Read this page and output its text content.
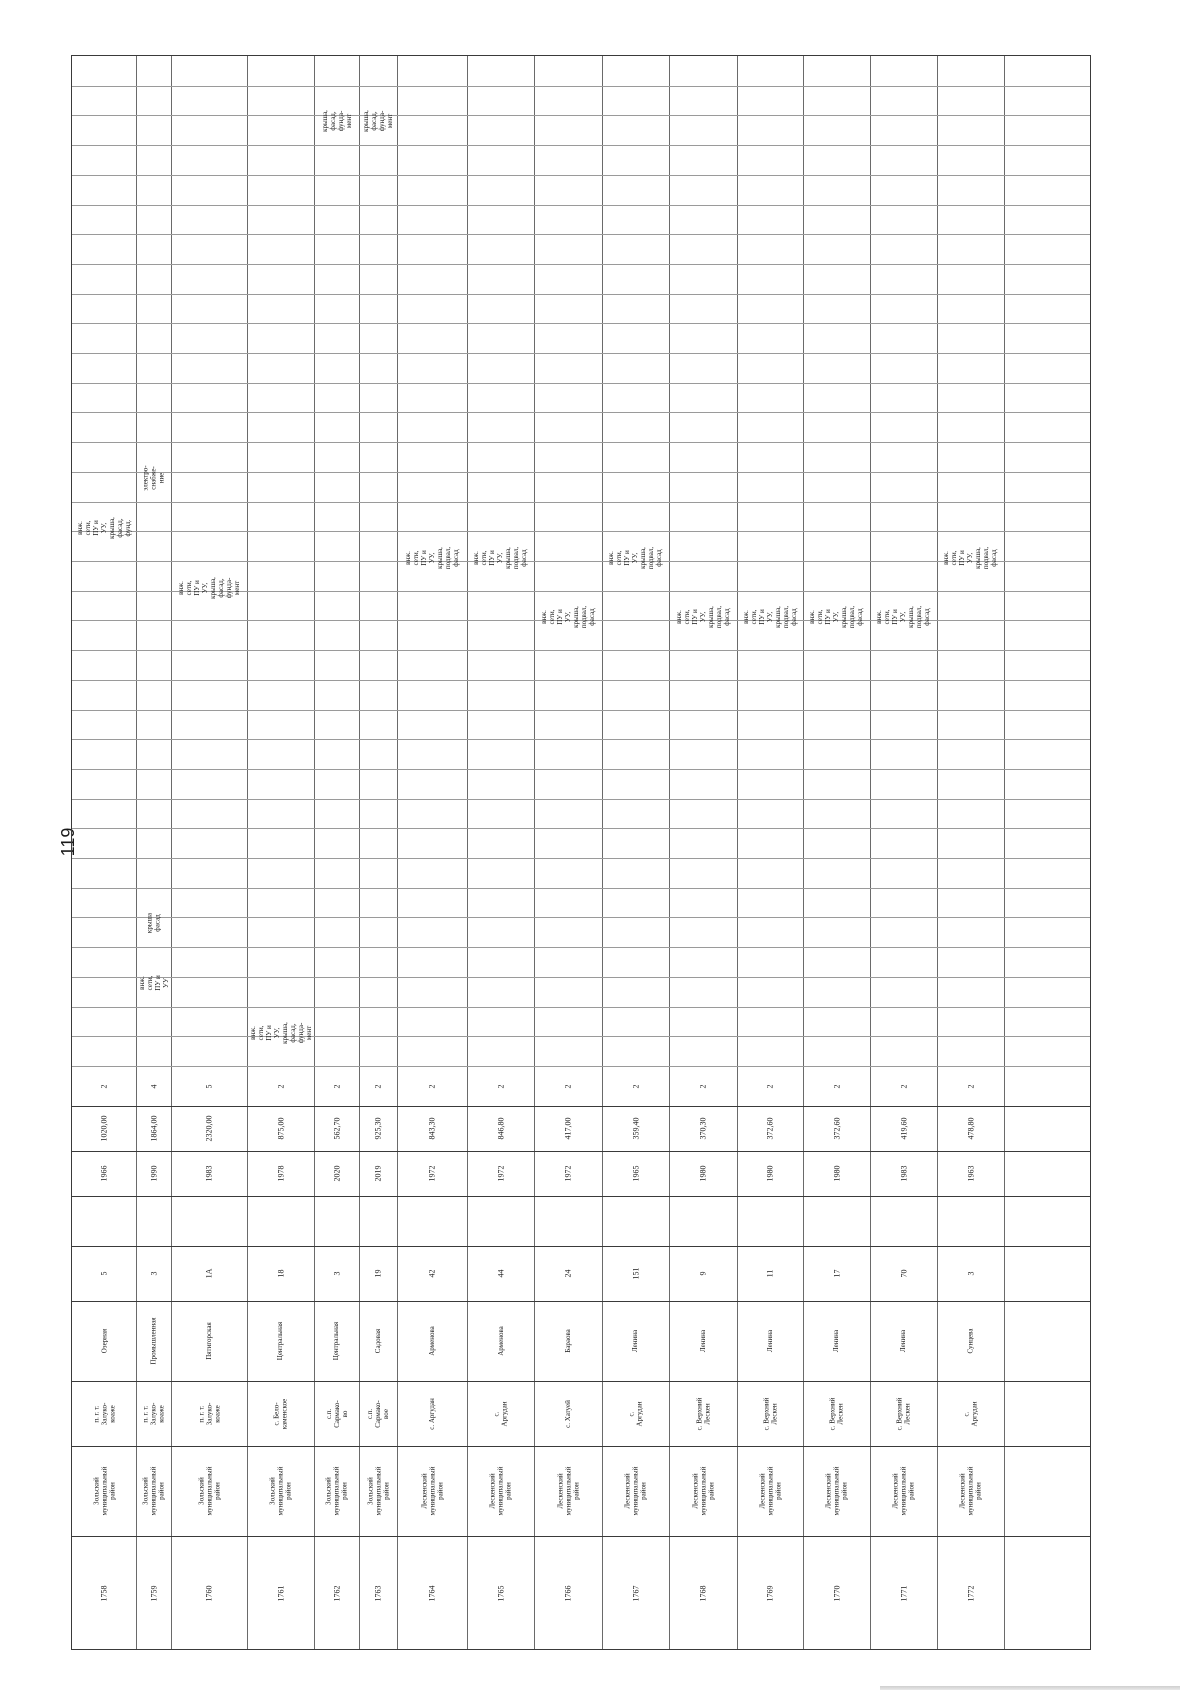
119
1758
Зольский
муниципальный
район
п. г. т.
Залуко-
коаже
Озерная
5
1966
1020,00
2
внж.
сети,
ПУ и
УУ,
крыша,
фасад,
фунд.
1759
Зольский
муниципальный
район
п. г. т.
Залуко-
коаже
Промышленная
3
1990
1864,00
4
внж.
сети,
ПУ и
УУ
крыша фасад
электро-
снабже-
ние
1760
Зольский
муниципальный
район
п. г. т.
Залуко-
коаже
Пятигорская
1А
1983
2320,00
5
внж.
сети,
ПУ и
УУ,
крыша,
фасад,
фунда-
мент
1761
Зольский
муниципальный
район
с. Бело-
каменское
Центральная
18
1978
875,00
2
внж.
сети,
ПУ и
УУ,
крыша,
фасад,
фунда-
мент
1762
Зольский
муниципальный
район
с.п.
Сармако-
во
Центральная
3
2020
562,70
2
крыша,
фасад,
фунда-
мент
1763
Зольский
муниципальный
район
с.п.
Сармако-
вое
Садовая
19
2019
925,30
2
крыша,
фасад,
фунда-
мент
1764
Лескенский
муниципальный
район
с. Аргудан
Арменова
42
1972
843,30
2
внж.
сети,
ПУ и
УУ,
крыша,
подвал,
фасад
1765
Лескенский
муниципальный
район
с.
Аргудан
Арменова
44
1972
846,80
2
внж.
сети,
ПУ и
УУ,
крыша,
подвал,
фасад
1766
Лескенский
муниципальный
район
с. Хатуей
Бараова
24
1972
417,00
2
внж.
сети,
ПУ и
УУ,
крыша,
подвал,
фасад
1767
Лескенский
муниципальный
район
с.
Аргудан
Ленина
151
1965
359,40
2
внж.
сети,
ПУ и
УУ,
крыша,
подвал,
фасад
1768
Лескенский
муниципальный
район
с. Верхний
Лескен
Ленина
9
1980
370,30
2
внж.
сети,
ПУ и
УУ,
крыша,
подвал,
фасад
1769
Лескенский
муниципальный
район
с. Верхний
Лескен
Ленина
11
1980
372,60
2
внж.
сети,
ПУ и
УУ,
крыша,
подвал,
фасад
1770
Лескенский
муниципальный
район
с. Верхний
Лескен
Ленина
17
1980
372,60
2
внж.
сети,
ПУ и
УУ,
крыша,
подвал,
фасад
1771
Лескенский
муниципальный
район
с. Верхний
Лескен
Ленина
70
1983
419,60
2
внж.
сети,
ПУ и
УУ,
крыша,
подвал,
фасад
1772
Лескенский
муниципальный
район
с.
Аргудан
Сунцева
3
1963
478,80
2
внж.
сети,
ПУ и
УУ,
крыша,
подвал,
фасад
